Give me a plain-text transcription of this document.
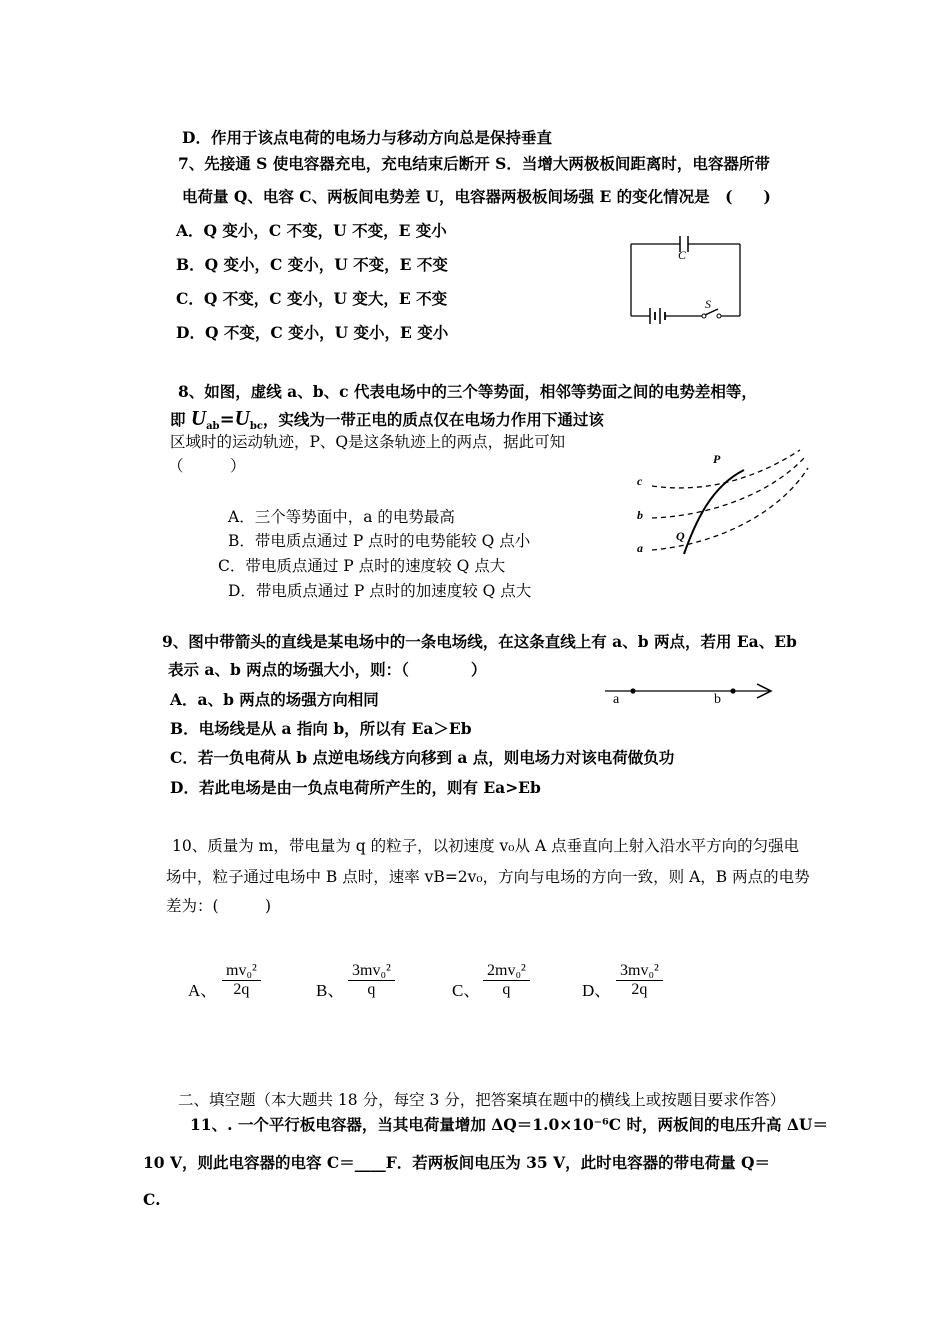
D．作用于该点电荷的电场力与移动方向总是保持垂直
7、先接通 S 使电容器充电，充电结束后断开 S．当增大两极板间距离时，电容器所带
电荷量 Q、电容 C、两板间电势差 U，电容器两极板间场强 E 的变化情况是　(　　)
A．Q 变小，C 不变，U 不变，E 变小
B．Q 变小，C 变小，U 不变，E 不变
C．Q 不变，C 变小，U 变大，E 不变
D．Q 不变，C 变小，U 变小，E 变小
C
S
8、如图，虚线 a、b、c 代表电场中的三个等势面，相邻等势面之间的电势差相等，
即 $U_{ab}=U_{bc}$，实线为一带正电的质点仅在电场力作用下通过该
区域时的运动轨迹，P、Q是这条轨迹上的两点，据此可知
（　　　）
A．三个等势面中，a 的电势最高
B．带电质点通过 P 点时的电势能较 Q 点小
C．带电质点通过 P 点时的速度较 Q 点大
D．带电质点通过 P 点时的加速度较 Q 点大
P
Q
c
b
a
9、图中带箭头的直线是某电场中的一条电场线，在这条直线上有 a、b 两点，若用 Ea、Eb
表示 a、b 两点的场强大小，则：（　　　　）
A．a、b 两点的场强方向相同
B．电场线是从 a 指向 b，所以有 Ea＞Eb
C．若一负电荷从 b 点逆电场线方向移到 a 点，则电场力对该电荷做负功
D．若此电场是由一负点电荷所产生的，则有 Ea>Eb
a	b
10、质量为 m，带电量为 q 的粒子，以初速度 v₀从 A 点垂直向上射入沿水平方向的匀强电
场中，粒子通过电场中 B 点时，速率 vB=2v₀，方向与电场的方向一致，则 A，B 两点的电势
差为：(　　　)
A、 $\frac{\text{mv₀²}}{2q}$	B、 $\frac{\text{3mv₀²}}{q}$	C、 $\frac{\text{2mv₀²}}{q}$	D、 $\frac{\text{3mv₀²}}{2q}$
二、填空题（本大题共 18 分，每空 3 分，把答案填在题中的横线上或按题目要求作答）
11、. 一个平行板电容器，当其电荷量增加 ΔQ＝1.0×10⁻⁶C 时，两板间的电压升高 ΔU＝
10 V，则此电容器的电容 C＝____F．若两板间电压为 35 V，此时电容器的带电荷量 Q＝
C.
